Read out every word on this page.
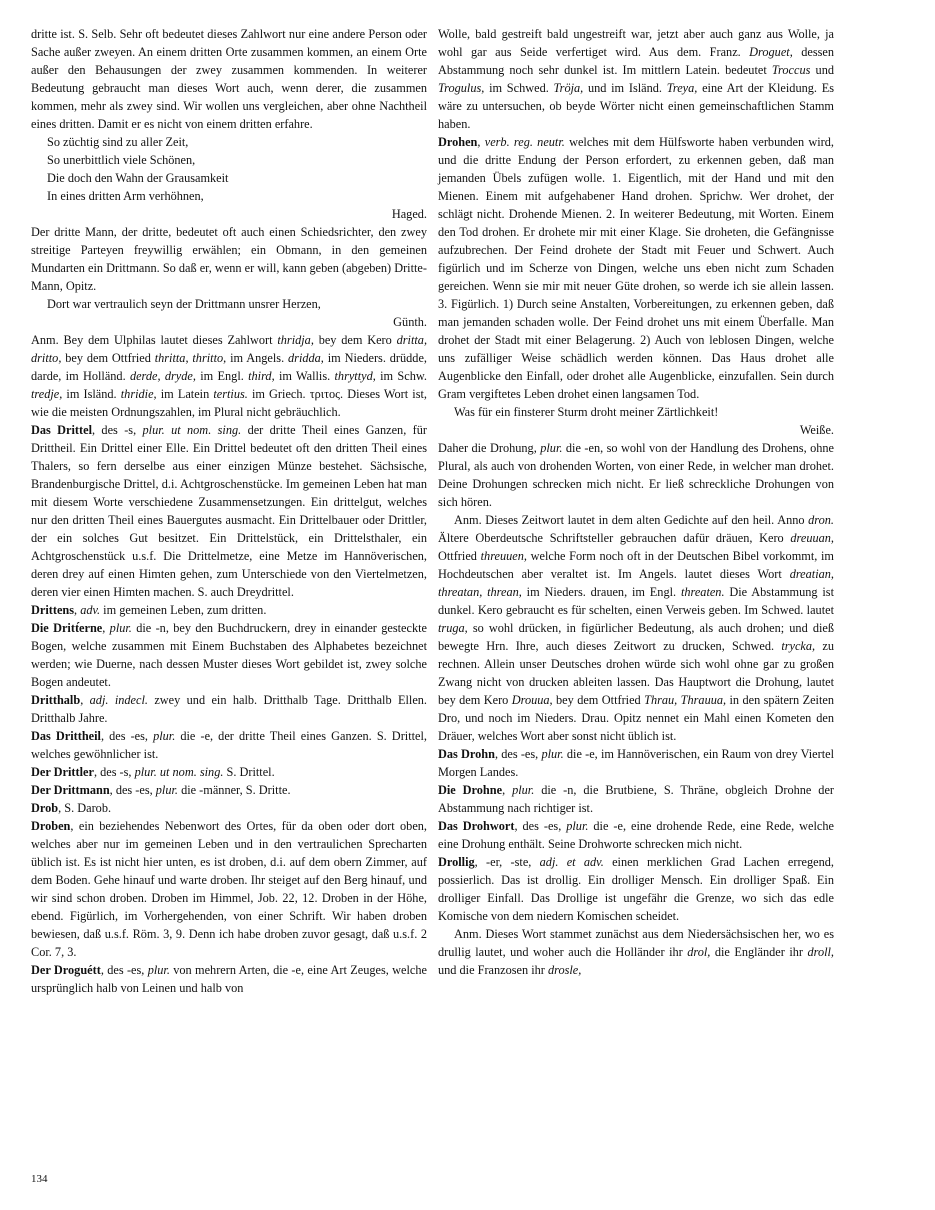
dritte ist. S. Selb. Sehr oft bedeutet dieses Zahlwort nur eine andere Person oder Sache außer zweyen. An einem dritten Orte zusammen kommen, an einem Orte außer den Behausungen der zwey zusammen kommenden. In weiterer Bedeutung gebraucht man dieses Wort auch, wenn derer, die zusammen kommen, mehr als zwey sind. Wir wollen uns vergleichen, aber ohne Nachtheil eines dritten. Damit er es nicht von einem dritten erfahre.

So züchtig sind zu aller Zeit,

So unerbittlich viele Schönen,

Die doch den Wahn der Grausamkeit

In eines dritten Arm verhöhnen,

Haged.

Der dritte Mann, der dritte, bedeutet oft auch einen Schiedsrichter, den zwey streitige Parteyen freywillig erwählen; ein Obmann, in den gemeinen Mundarten ein Drittmann. So daß er, wenn er will, kann geben (abgeben) Dritte-Mann, Opitz.

Dort war vertraulich seyn der Drittmann unsrer Herzen,

Günth.

Anm. Bey dem Ulphilas lautet dieses Zahlwort thridja, bey dem Kero dritta, dritto, bey dem Ottfried thritta, thritto, im Angels. dridda, im Nieders. drüdde, darde, im Holländ. derde, dryde, im Engl. third, im Wallis. thryttyd, im Schw. tredje, im Isländ. thridie, im Latein tertius. im Griech. τριτος. Dieses Wort ist, wie die meisten Ordnungszahlen, im Plural nicht gebräuchlich.

Das Drittel, des -s, plur. ut nom. sing. der dritte Theil eines Ganzen, für Drittheil. Ein Drittel einer Elle. Ein Drittel bedeutet oft den dritten Theil eines Thalers, so fern derselbe aus einer einzigen Münze bestehet. Sächsische, Brandenburgische Drittel, d.i. Achtgroschenstücke. Im gemeinen Leben hat man mit diesem Worte verschiedene Zusammensetzungen. Ein drittelgut, welches nur den dritten Theil eines Bauergutes ausmacht. Ein Drittelbauer oder Drittler, der ein solches Gut besitzet. Ein Drittelstück, ein Drittelsthaler, ein Achtgroschenstück u.s.f. Die Drittelmetze, eine Metze im Hannöverischen, deren drey auf einen Himten gehen, zum Unterschiede von den Viertelmetzen, deren vier einen Himten machen. S. auch Dreydrittel.

Drittens, adv. im gemeinen Leben, zum dritten.

Die Dritt́erne, plur. die -n, bey den Buchdruckern, drey in einander gesteckte Bogen, welche zusammen mit Einem Buchstaben des Alphabetes bezeichnet werden; wie Duerne, nach dessen Muster dieses Wort gebildet ist, zwey solche Bogen andeutet.

Dritthalb, adj. indecl. zwey und ein halb. Dritthalb Tage. Dritthalb Ellen. Dritthalb Jahre.

Das Drittheil, des -es, plur. die -e, der dritte Theil eines Ganzen. S. Drittel, welches gewöhnlicher ist.

Der Drittler, des -s, plur. ut nom. sing. S. Drittel.

Der Drittmann, des -es, plur. die -männer, S. Dritte.

Drob, S. Darob.

Droben, ein beziehendes Nebenwort des Ortes, für da oben oder dort oben, welches aber nur im gemeinen Leben und in den vertraulichen Sprecharten üblich ist. Es ist nicht hier unten, es ist droben, d.i. auf dem obern Zimmer, auf dem Boden. Gehe hinauf und warte droben. Ihr steiget auf den Berg hinauf, und wir sind schon droben. Droben im Himmel, Job. 22, 12. Droben in der Höhe, ebend. Figürlich, im Vorhergehenden, von einer Schrift. Wir haben droben bewiesen, daß u.s.f. Röm. 3, 9. Denn ich habe droben zuvor gesagt, daß u.s.f. 2 Cor. 7, 3.

Der Droguétt, des -es, plur. von mehrern Arten, die -e, eine Art Zeuges, welche ursprünglich halb von Leinen und halb von

Wolle, bald gestreift bald ungestreift war, jetzt aber auch ganz aus Wolle, ja wohl gar aus Seide verfertiget wird. Aus dem. Franz. Droguet, dessen Abstammung noch sehr dunkel ist. Im mittlern Latein. bedeutet Troccus und Trogulus, im Schwed. Tröja, und im Isländ. Treya, eine Art der Kleidung. Es wäre zu untersuchen, ob beyde Wörter nicht einen gemeinschaftlichen Stamm haben.

Drohen, verb. reg. neutr. welches mit dem Hülfsworte haben verbunden wird, und die dritte Endung der Person erfordert, zu erkennen geben, daß man jemanden Übels zufügen wolle. 1. Eigentlich, mit der Hand und mit den Mienen. Einem mit aufgehabener Hand drohen. Sprichw. Wer drohet, der schlägt nicht. Drohende Mienen. 2. In weiterer Bedeutung, mit Worten. Einem den Tod drohen. Er drohete mir mit einer Klage. Sie droheten, die Gefängnisse aufzubrechen. Der Feind drohete der Stadt mit Feuer und Schwert. Auch figürlich und im Scherze von Dingen, welche uns eben nicht zum Schaden gereichen. Wenn sie mir mit neuer Güte drohen, so werde ich sie allein lassen. 3. Figürlich. 1) Durch seine Anstalten, Vorbereitungen, zu erkennen geben, daß man jemanden schaden wolle. Der Feind drohet uns mit einem Überfalle. Man drohet der Stadt mit einer Belagerung. 2) Auch von leblosen Dingen, welche uns zufälliger Weise schädlich werden können. Das Haus drohet alle Augenblicke den Einfall, oder drohet alle Augenblicke, einzufallen. Sein durch Gram vergiftetes Leben drohet einen langsamen Tod.

Was für ein finsterer Sturm droht meiner Zärtlichkeit!

Weiße.

Daher die Drohung, plur. die -en, so wohl von der Handlung des Drohens, ohne Plural, als auch von drohenden Worten, von einer Rede, in welcher man drohet. Deine Drohungen schrecken mich nicht. Er ließ schreckliche Drohungen von sich hören.

Anm. Dieses Zeitwort lautet in dem alten Gedichte auf den heil. Anno dron. Ältere Oberdeutsche Schriftsteller gebrauchen dafür dräuen, Kero dreuuan, Ottfried threuuen, welche Form noch oft in der Deutschen Bibel vorkommt, im Hochdeutschen aber veraltet ist. Im Angels. lautet dieses Wort dreatian, threatan, threan, im Nieders. drauen, im Engl. threaten. Die Abstammung ist dunkel. Kero gebraucht es für schelten, einen Verweis geben. Im Schwed. lautet truga, so wohl drücken, in figürlicher Bedeutung, als auch drohen; und dieß bewegte Hrn. Ihre, auch dieses Zeitwort zu drucken, Schwed. trycka, zu rechnen. Allein unser Deutsches drohen würde sich wohl ohne gar zu großen Zwang nicht von drucken ableiten lassen. Das Hauptwort die Drohung, lautet bey dem Kero Drouua, bey dem Ottfried Thrau, Thrauua, in den spätern Zeiten Dro, und noch im Nieders. Drau. Opitz nennet ein Mahl einen Kometen den Dräuer, welches Wort aber sonst nicht üblich ist.

Das Drohn, des -es, plur. die -e, im Hannöverischen, ein Raum von drey Viertel Morgen Landes.

Die Drohne, plur. die -n, die Brutbiene, S. Thräne, obgleich Drohne der Abstammung nach richtiger ist.

Das Drohwort, des -es, plur. die -e, eine drohende Rede, eine Rede, welche eine Drohung enthält. Seine Drohworte schrecken mich nicht.

Drollig, -er, -ste, adj. et adv. einen merklichen Grad Lachen erregend, possierlich. Das ist drollig. Ein drolliger Mensch. Ein drolliger Spaß. Ein drolliger Einfall. Das Drollige ist ungefähr die Grenze, wo sich das edle Komische von dem niedern Komischen scheidet.

Anm. Dieses Wort stammet zunächst aus dem Niedersächsischen her, wo es drullig lautet, und woher auch die Holländer ihr drol, die Engländer ihr droll, und die Franzosen ihr drosle,

134
